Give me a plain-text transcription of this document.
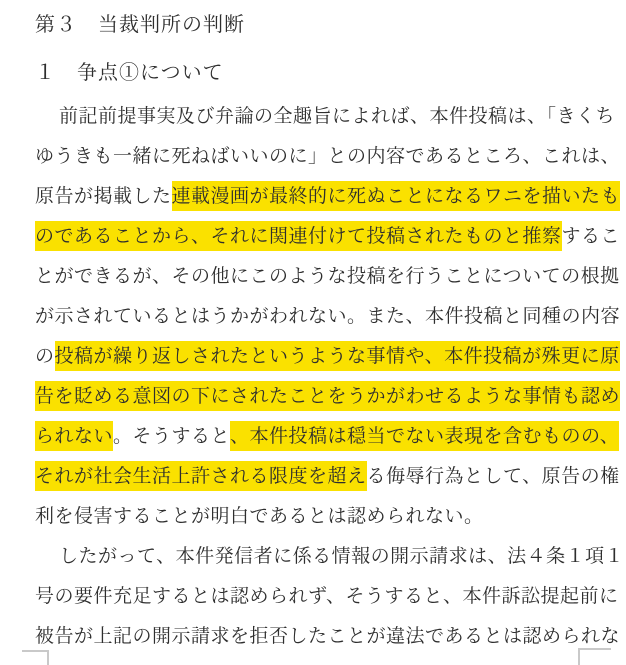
第３　当裁判所の判断
１　争点①について
前記前提事実及び弁論の全趣旨によれば、本件投稿は、「きくち
ゆうきも一緒に死ねばいいのに」との内容であるところ、これは、
原告が掲載した連載漫画が最終的に死ぬことになるワニを描いたも
のであることから、それに関連付けて投稿されたものと推察するこ
とができるが、その他にこのような投稿を行うことについての根拠
が示されているとはうかがわれない。また、本件投稿と同種の内容
の投稿が繰り返しされたというような事情や、本件投稿が殊更に原
告を貶める意図の下にされたことをうかがわせるような事情も認め
られない。そうすると、本件投稿は穏当でない表現を含むものの、
それが社会生活上許される限度を超える侮辱行為として、原告の権
利を侵害することが明白であるとは認められない。
したがって、本件発信者に係る情報の開示請求は、法４条１項１
号の要件充足するとは認められず、そうすると、本件訴訟提起前に
被告が上記の開示請求を拒否したことが違法であるとは認められな
